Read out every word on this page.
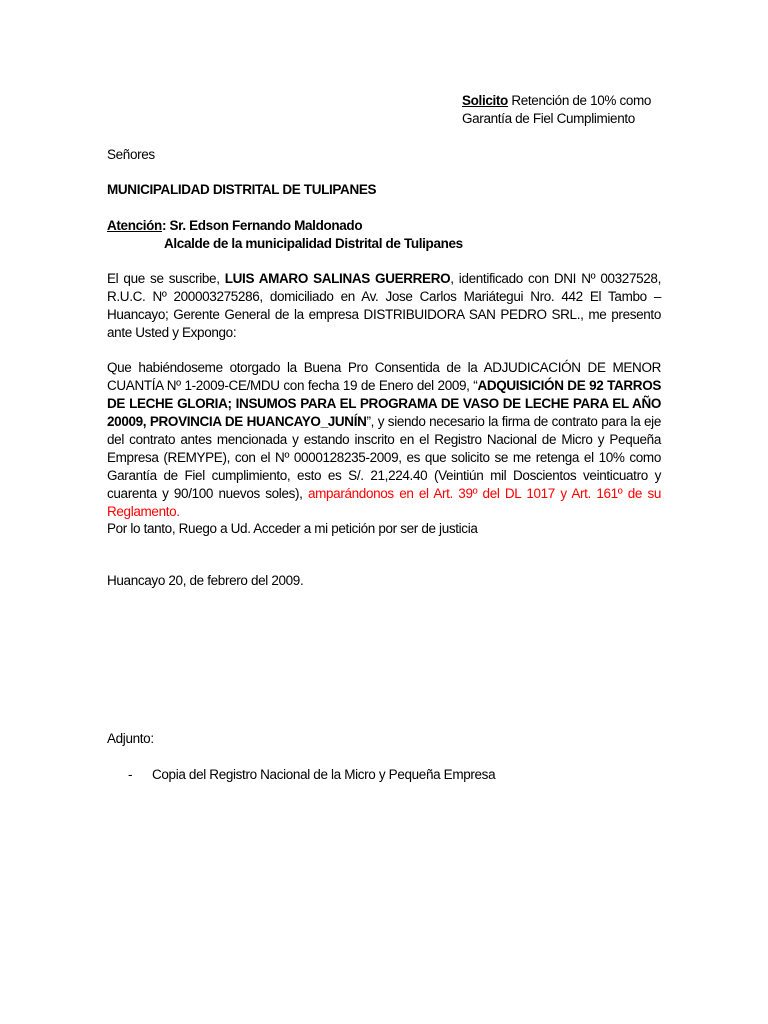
Solicito Retención de 10% como
Garantía de Fiel Cumplimiento
Señores
MUNICIPALIDAD DISTRITAL DE TULIPANES
Atención: Sr. Edson Fernando Maldonado
Alcalde de la municipalidad Distrital de Tulipanes

El que se suscribe, LUIS AMARO SALINAS GUERRERO, identificado con DNI Nº 00327528, R.U.C. Nº 200003275286, domiciliado en Av. Jose Carlos Mariátegui Nro. 442 El Tambo – Huancayo; Gerente General de la empresa DISTRIBUIDORA SAN PEDRO SRL., me presento ante Usted y Expongo:

Que habiéndoseme otorgado la Buena Pro Consentida de la ADJUDICACIÓN DE MENOR CUANTÍA Nº 1-2009-CE/MDU con fecha 19 de Enero del 2009, “ADQUISICIÓN DE 92 TARROS DE LECHE GLORIA; INSUMOS PARA EL PROGRAMA DE VASO DE LECHE PARA EL AÑO 20009, PROVINCIA DE HUANCAYO_JUNÍN”, y siendo necesario la firma de contrato para la eje del contrato antes mencionada y estando inscrito en el Registro Nacional de Micro y Pequeña Empresa (REMYPE), con el Nº 0000128235-2009, es que solicito se me retenga el 10% como Garantía de Fiel cumplimiento, esto es S/. 21,224.40 (Veintiún mil Doscientos veinticuatro y cuarenta y 90/100 nuevos soles), amparándonos en el Art. 39º del DL 1017 y Art. 161º de su Reglamento.

Por lo tanto, Ruego a Ud. Acceder a mi petición por ser de justicia
Huancayo 20, de febrero del 2009.
Adjunto:
- Copia del Registro Nacional de la Micro y Pequeña Empresa
